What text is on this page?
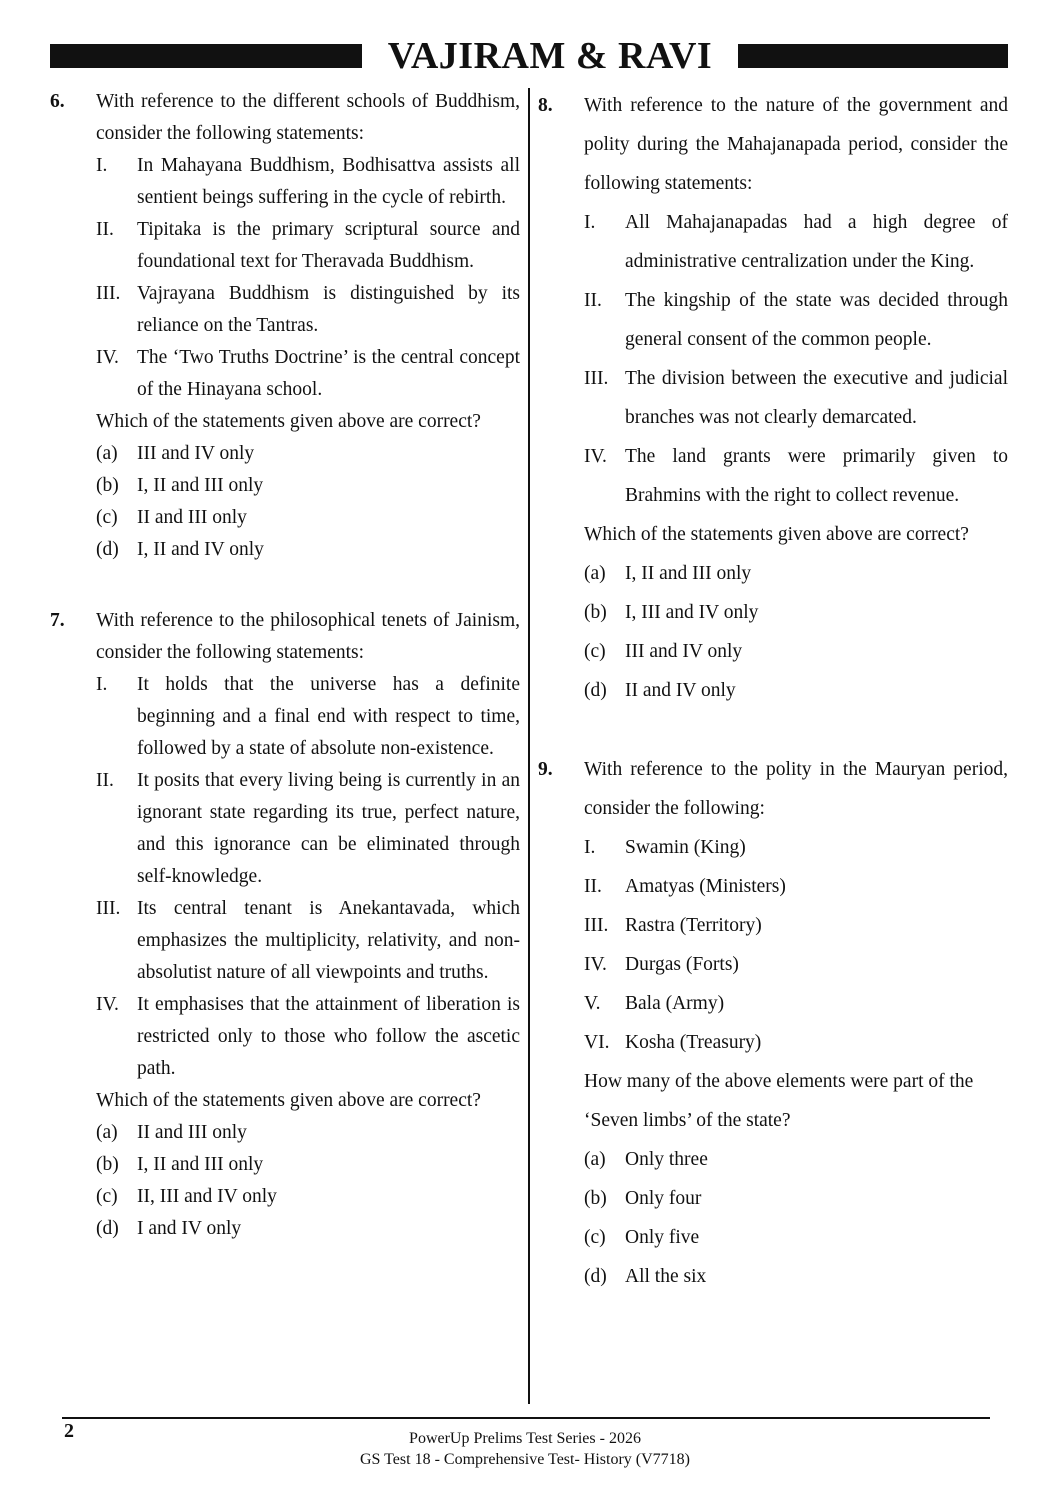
VAJIRAM & RAVI
6. With reference to the different schools of Buddhism, consider the following statements:
I. In Mahayana Buddhism, Bodhisattva assists all sentient beings suffering in the cycle of rebirth.
II. Tipitaka is the primary scriptural source and foundational text for Theravada Buddhism.
III. Vajrayana Buddhism is distinguished by its reliance on the Tantras.
IV. The ‘Two Truths Doctrine’ is the central concept of the Hinayana school.
Which of the statements given above are correct?
(a) III and IV only
(b) I, II and III only
(c) II and III only
(d) I, II and IV only
7. With reference to the philosophical tenets of Jainism, consider the following statements:
I. It holds that the universe has a definite beginning and a final end with respect to time, followed by a state of absolute non-existence.
II. It posits that every living being is currently in an ignorant state regarding its true, perfect nature, and this ignorance can be eliminated through self-knowledge.
III. Its central tenant is Anekantavada, which emphasizes the multiplicity, relativity, and non-absolutist nature of all viewpoints and truths.
IV. It emphasises that the attainment of liberation is restricted only to those who follow the ascetic path.
Which of the statements given above are correct?
(a) II and III only
(b) I, II and III only
(c) II, III and IV only
(d) I and IV only
8. With reference to the nature of the government and polity during the Mahajanapada period, consider the following statements:
I. All Mahajanapadas had a high degree of administrative centralization under the King.
II. The kingship of the state was decided through general consent of the common people.
III. The division between the executive and judicial branches was not clearly demarcated.
IV. The land grants were primarily given to Brahmins with the right to collect revenue.
Which of the statements given above are correct?
(a) I, II and III only
(b) I, III and IV only
(c) III and IV only
(d) II and IV only
9. With reference to the polity in the Mauryan period, consider the following:
I. Swamin (King)
II. Amatyas (Ministers)
III. Rastra (Territory)
IV. Durgas (Forts)
V. Bala (Army)
VI. Kosha (Treasury)
How many of the above elements were part of the ‘Seven limbs’ of the state?
(a) Only three
(b) Only four
(c) Only five
(d) All the six
2	PowerUp Prelims Test Series - 2026
GS Test 18 - Comprehensive Test- History (V7718)
